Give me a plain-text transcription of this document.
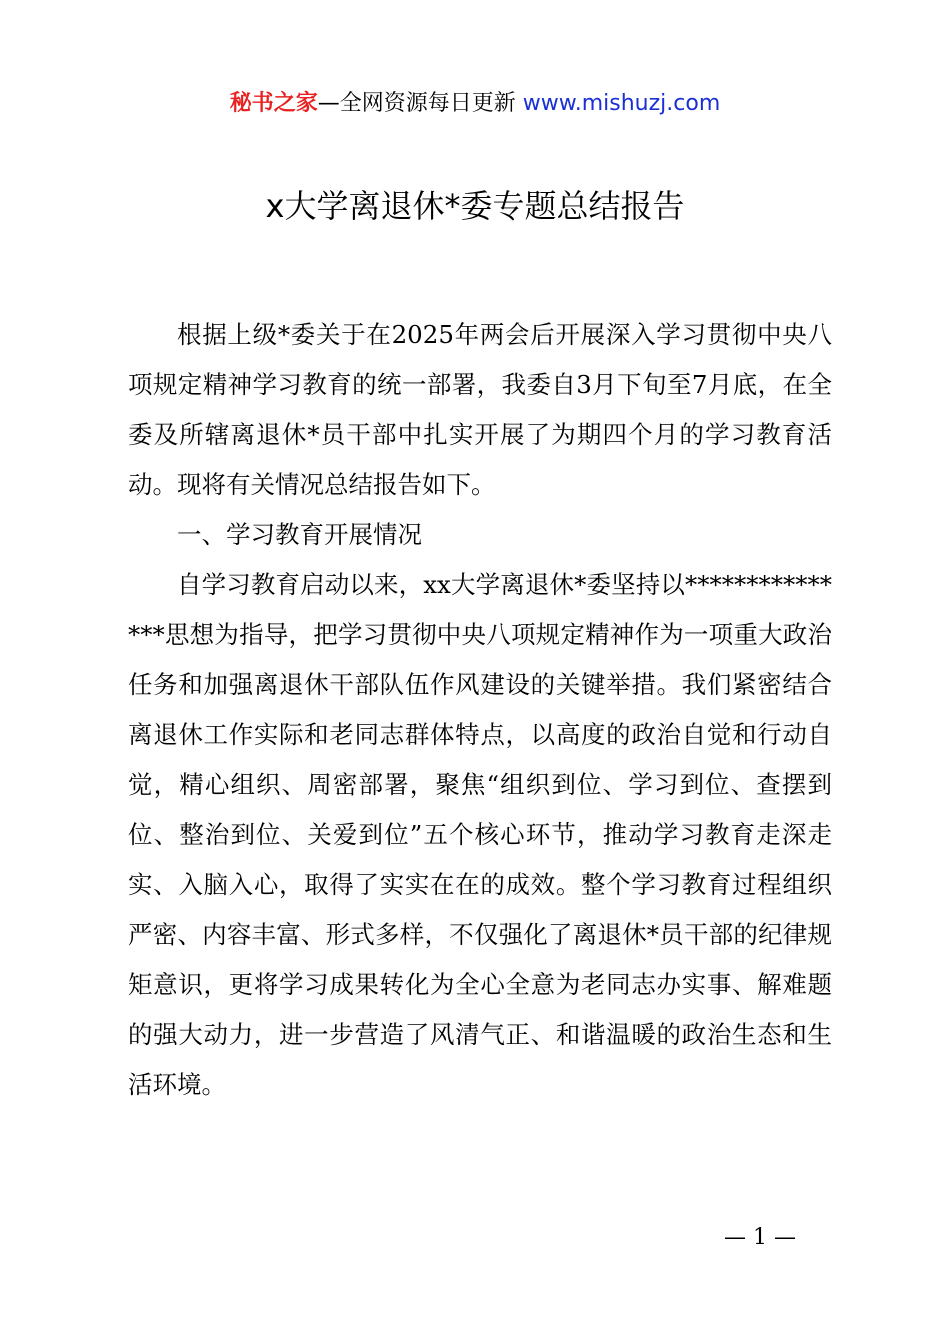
秘书之家—全网资源每日更新 www.mishuzj.com
x大学离退休*委专题总结报告

根据上级*委关于在2025年两会后开展深入学习贯彻中央八项规定精神学习教育的统一部署，我委自3月下旬至7月底，在全委及所辖离退休*员干部中扎实开展了为期四个月的学习教育活动。现将有关情况总结报告如下。

一、学习教育开展情况

自学习教育启动以来，xx大学离退休*委坚持以***************思想为指导，把学习贯彻中央八项规定精神作为一项重大政治任务和加强离退休干部队伍作风建设的关键举措。我们紧密结合离退休工作实际和老同志群体特点，以高度的政治自觉和行动自觉，精心组织、周密部署，聚焦“组织到位、学习到位、查摆到位、整治到位、关爱到位”五个核心环节，推动学习教育走深走实、入脑入心，取得了实实在在的成效。整个学习教育过程组织严密、内容丰富、形式多样，不仅强化了离退休*员干部的纪律规矩意识，更将学习成果转化为全心全意为老同志办实事、解难题的强大动力，进一步营造了风清气正、和谐温暖的政治生态和生活环境。

— 1 —
